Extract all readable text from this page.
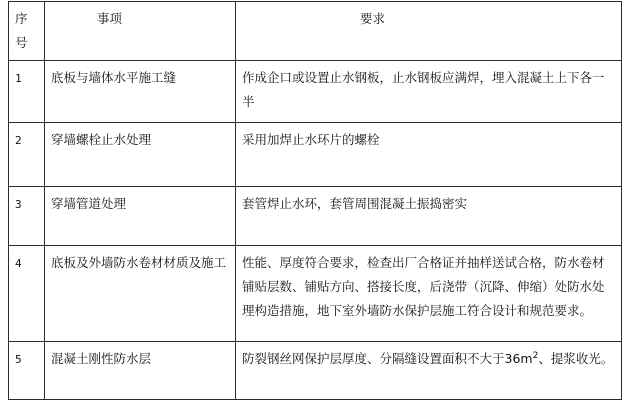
序号	事项	要求
1	底板与墙体水平施工缝	作成企口或设置止水钢板，止水钢板应满焊，埋入混凝土上下各一半
2	穿墙螺栓止水处理	采用加焊止水环片的螺栓
3	穿墙管道处理	套管焊止水环，套管周围混凝土振捣密实
4	底板及外墙防水卷材材质及施工	性能、厚度符合要求，检查出厂合格证并抽样送试合格，防水卷材铺贴层数、铺贴方向、搭接长度，后浇带（沉降、伸缩）处防水处理构造措施，地下室外墙防水保护层施工符合设计和规范要求。
5	混凝土刚性防水层	防裂钢丝网保护层厚度、分隔缝设置面积不大于$36m^2$、提浆收光。
